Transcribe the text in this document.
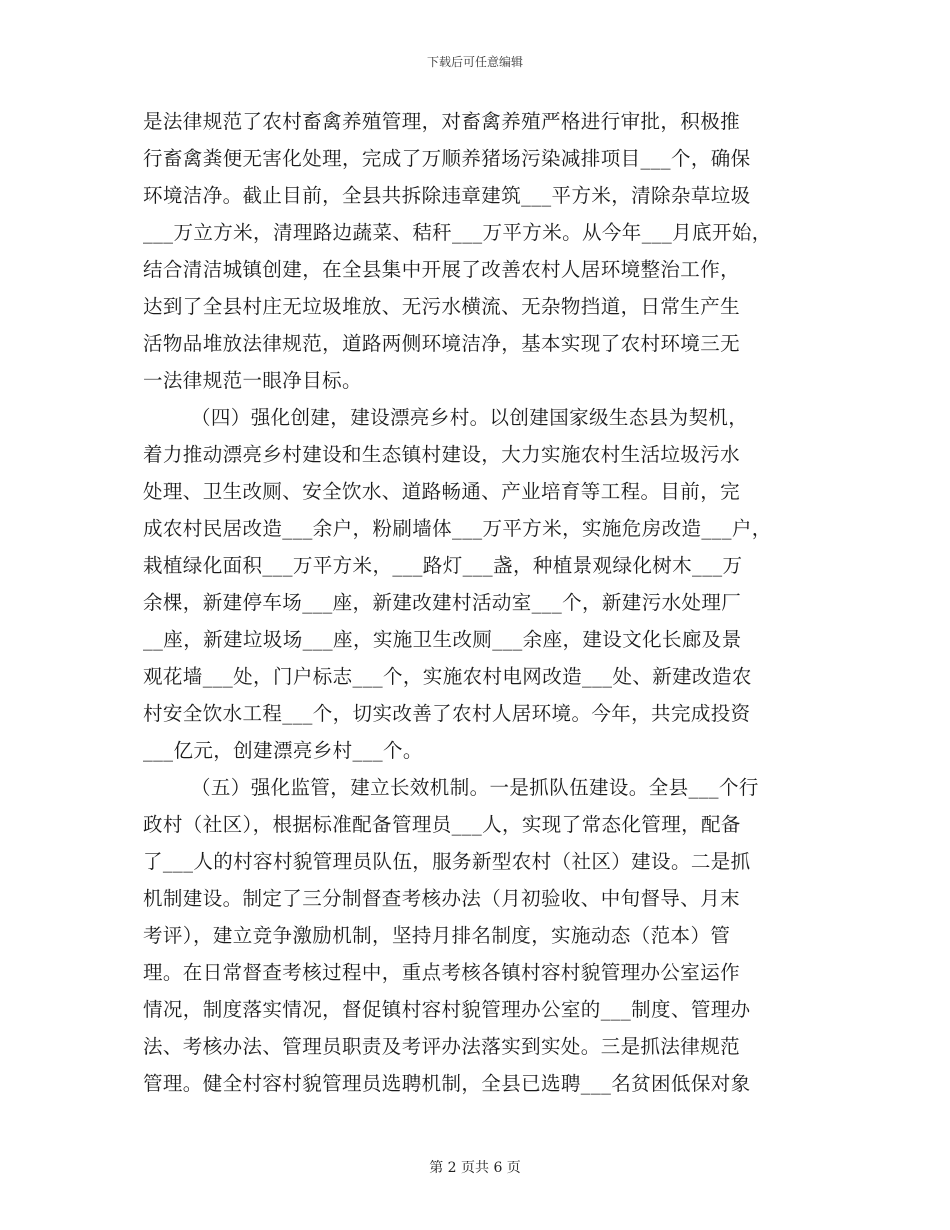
下载后可任意编辑
是法律规范了农村畜禽养殖管理，对畜禽养殖严格进行审批，积极推
行畜禽粪便无害化处理，完成了万顺养猪场污染减排项目___个，确保
环境洁净。截止目前，全县共拆除违章建筑___平方米，清除杂草垃圾
___万立方米，清理路边蔬菜、秸秆___万平方米。从今年___月底开始，
结合清洁城镇创建，在全县集中开展了改善农村人居环境整治工作，
达到了全县村庄无垃圾堆放、无污水横流、无杂物挡道，日常生产生
活物品堆放法律规范，道路两侧环境洁净，基本实现了农村环境三无
一法律规范一眼净目标。
（四）强化创建，建设漂亮乡村。以创建国家级生态县为契机，
着力推动漂亮乡村建设和生态镇村建设，大力实施农村生活垃圾污水
处理、卫生改厕、安全饮水、道路畅通、产业培育等工程。目前，完
成农村民居改造___余户，粉刷墙体___万平方米，实施危房改造___户，
栽植绿化面积___万平方米，___路灯___盏，种植景观绿化树木___万
余棵，新建停车场___座，新建改建村活动室___个，新建污水处理厂
__座，新建垃圾场___座，实施卫生改厕___余座，建设文化长廊及景
观花墙___处，门户标志___个，实施农村电网改造___处、新建改造农
村安全饮水工程___个，切实改善了农村人居环境。今年，共完成投资
___亿元，创建漂亮乡村___个。
（五）强化监管，建立长效机制。一是抓队伍建设。全县___个行
政村（社区），根据标准配备管理员___人，实现了常态化管理，配备
了___人的村容村貌管理员队伍，服务新型农村（社区）建设。二是抓
机制建设。制定了三分制督查考核办法（月初验收、中旬督导、月末
考评），建立竞争激励机制，坚持月排名制度，实施动态（范本）管
理。在日常督查考核过程中，重点考核各镇村容村貌管理办公室运作
情况，制度落实情况，督促镇村容村貌管理办公室的___制度、管理办
法、考核办法、管理员职责及考评办法落实到实处。三是抓法律规范
管理。健全村容村貌管理员选聘机制，全县已选聘___名贫困低保对象
第 2 页共 6 页
